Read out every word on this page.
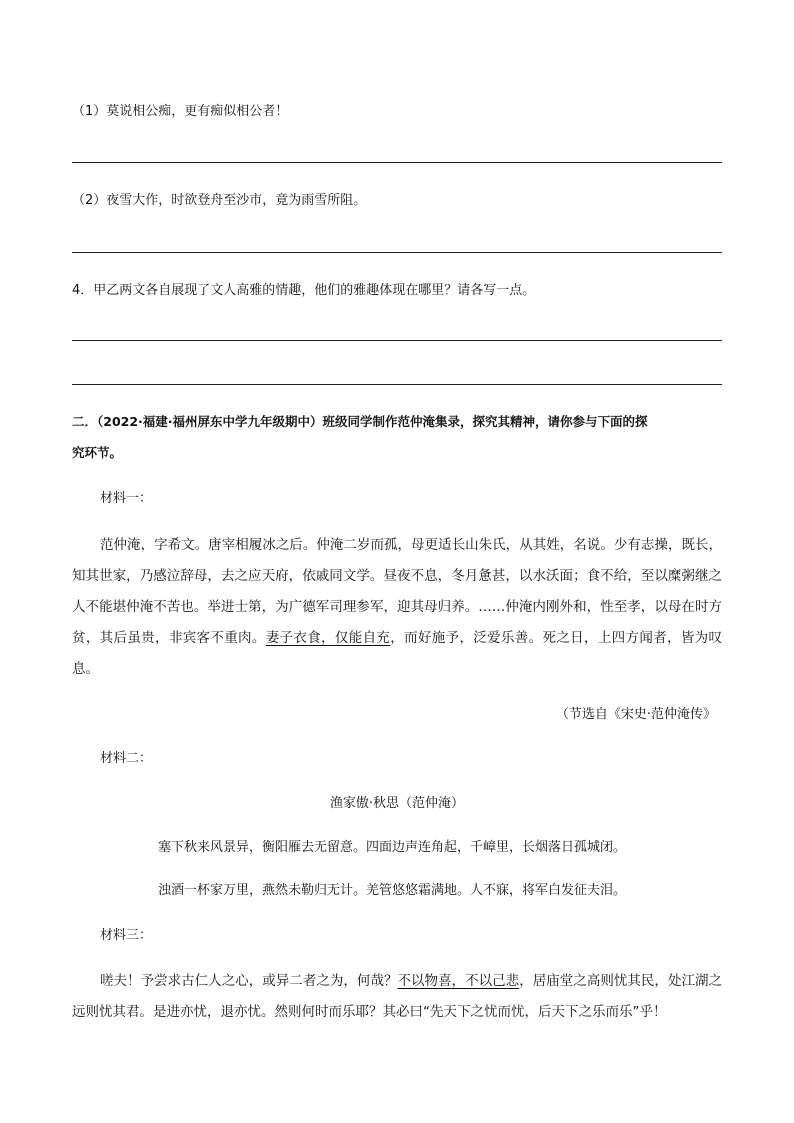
（1）莫说相公痴，更有痴似相公者！
（2）夜雪大作，时欲登舟至沙市，竟为雨雪所阻。
4．甲乙两文各自展现了文人高雅的情趣，他们的雅趣体现在哪里？请各写一点。
二．（2022·福建·福州屏东中学九年级期中）班级同学制作范仲淹集录，探究其精神，请你参与下面的探
究环节。
材料一：
范仲淹，字希文。唐宰相履冰之后。仲淹二岁而孤，母更适长山朱氏，从其姓，名说。少有志操，既长，知其世家，乃感泣辞母，去之应天府，依戚同文学。昼夜不息，冬月惫甚，以水沃面；食不给，至以糜粥继之人不能堪仲淹不苦也。举进士第，为广德军司理参军，迎其母归养。……仲淹内刚外和，性至孝，以母在时方贫，其后虽贵，非宾客不重肉。妻子衣食，仅能自充，而好施予，泛爱乐善。死之日，上四方闻者，皆为叹息。
（节选自《宋史·范仲淹传》
材料二：
渔家傲·秋思（范仲淹）
塞下秋来风景异，衡阳雁去无留意。四面边声连角起，千嶂里，长烟落日孤城闭。
浊酒一杯家万里，燕然未勒归无计。羌管悠悠霜满地。人不寐，将军白发征夫泪。
材料三：
嗟夫！予尝求古仁人之心，或异二者之为，何哉？不以物喜，不以己悲，居庙堂之高则忧其民，处江湖之远则忧其君。是进亦忧，退亦忧。然则何时而乐耶？其必曰“先天下之忧而忧，后天下之乐而乐”乎！
